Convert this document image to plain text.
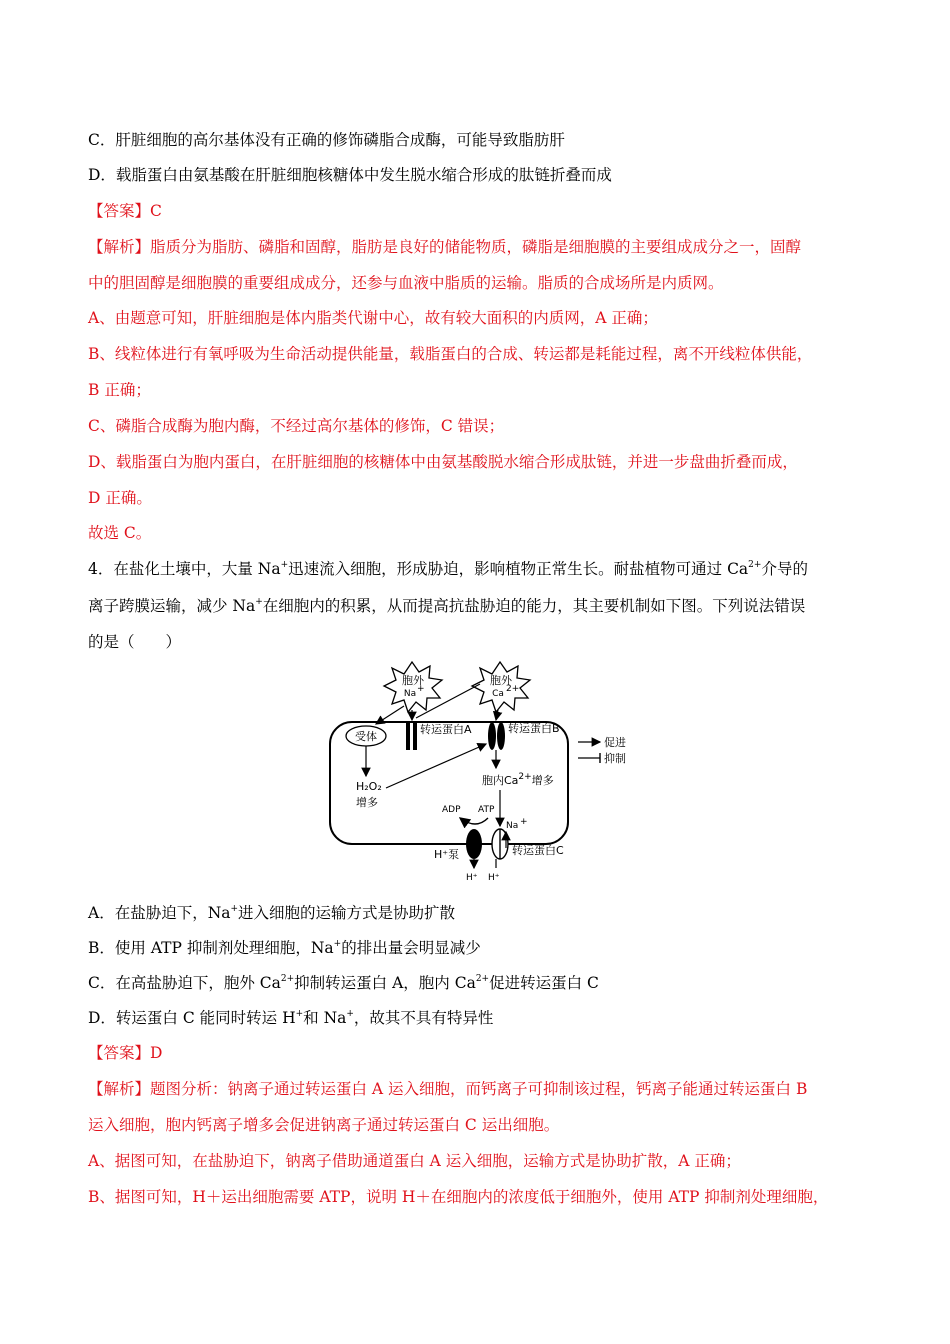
C．肝脏细胞的高尔基体没有正确的修饰磷脂合成酶，可能导致脂肪肝
D．载脂蛋白由氨基酸在肝脏细胞核糖体中发生脱水缩合形成的肽链折叠而成
【答案】C
【解析】脂质分为脂肪、磷脂和固醇，脂肪是良好的储能物质，磷脂是细胞膜的主要组成成分之一，固醇
中的胆固醇是细胞膜的重要组成成分，还参与血液中脂质的运输。脂质的合成场所是内质网。
A、由题意可知，肝脏细胞是体内脂类代谢中心，故有较大面积的内质网，A 正确；
B、线粒体进行有氧呼吸为生命活动提供能量，载脂蛋白的合成、转运都是耗能过程，离不开线粒体供能，
B 正确；
C、磷脂合成酶为胞内酶，不经过高尔基体的修饰，C 错误；
D、载脂蛋白为胞内蛋白，在肝脏细胞的核糖体中由氨基酸脱水缩合形成肽链，并进一步盘曲折叠而成，
D 正确。
故选 C。
4．在盐化土壤中，大量 Na+迅速流入细胞，形成胁迫，影响植物正常生长。耐盐植物可通过 $Ca^{2+}$介导的
离子跨膜运输，减少 Na+在细胞内的积累，从而提高抗盐胁迫的能力，其主要机制如下图。下列说法错误
的是（　　）
胞外
Na +
胞外
Ca 2+
受体
转运蛋白A	转运蛋白B
促进
抑制
H₂O₂
增多
胞内$Ca^{2+}$增多
ADP ATP
H⁺泵
H⁺
Na +
H⁺
转运蛋白C
A．在盐胁迫下，Na+进入细胞的运输方式是协助扩散
B．使用 ATP 抑制剂处理细胞，Na+的排出量会明显减少
C．在高盐胁迫下，胞外 $Ca^{2+}$抑制转运蛋白 A，胞内 $Ca^{2+}$促进转运蛋白 C
D．转运蛋白 C 能同时转运 H+和 Na+，故其不具有特异性
【答案】D
【解析】题图分析：钠离子通过转运蛋白 A 运入细胞，而钙离子可抑制该过程，钙离子能通过转运蛋白 B
运入细胞，胞内钙离子增多会促进钠离子通过转运蛋白 C 运出细胞。
A、据图可知，在盐胁迫下，钠离子借助通道蛋白 A 运入细胞，运输方式是协助扩散，A 正确；
B、据图可知，H＋运出细胞需要 ATP，说明 H＋在细胞内的浓度低于细胞外，使用 ATP 抑制剂处理细胞，
